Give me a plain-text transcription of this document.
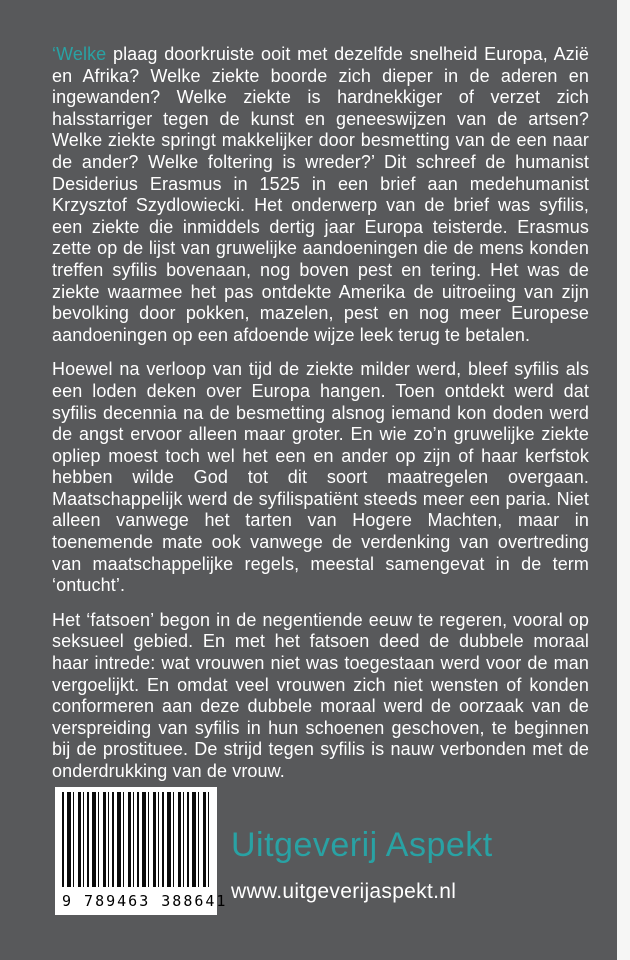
‘Welke plaag doorkruiste ooit met dezelfde snelheid Europa, Azië en Afrika? Welke ziekte boorde zich dieper in de aderen en ingewanden? Welke ziekte is hardnekkiger of verzet zich halsstarriger tegen de kunst en geneeswijzen van de artsen? Welke ziekte springt makkelijker door besmetting van de een naar de ander? Welke foltering is wreder?’ Dit schreef de humanist Desiderius Erasmus in 1525 in een brief aan medehumanist Krzysztof Szydlowiecki. Het onderwerp van de brief was syfilis, een ziekte die inmiddels dertig jaar Europa teisterde. Erasmus zette op de lijst van gruwelijke aandoeningen die de mens konden treffen syfilis bovenaan, nog boven pest en tering. Het was de ziekte waarmee het pas ontdekte Amerika de uitroeiing van zijn bevolking door pokken, mazelen, pest en nog meer Europese aandoeningen op een afdoende wijze leek terug te betalen.

Hoewel na verloop van tijd de ziekte milder werd, bleef syfilis als een loden deken over Europa hangen. Toen ontdekt werd dat syfilis decennia na de besmetting alsnog iemand kon doden werd de angst ervoor alleen maar groter. En wie zo’n gruwelijke ziekte opliep moest toch wel het een en ander op zijn of haar kerfstok hebben wilde God tot dit soort maatregelen overgaan. Maatschappelijk werd de syfilispatiënt steeds meer een paria. Niet alleen vanwege het tarten van Hogere Machten, maar in toenemende mate ook vanwege de verdenking van overtreding van maatschappelijke regels, meestal samengevat in de term ‘ontucht’.

Het ‘fatsoen’ begon in de negentiende eeuw te regeren, vooral op seksueel gebied. En met het fatsoen deed de dubbele moraal haar intrede: wat vrouwen niet was toegestaan werd voor de man vergoelijkt. En omdat veel vrouwen zich niet wensten of konden conformeren aan deze dubbele moraal werd de oorzaak van de verspreiding van syfilis in hun schoenen geschoven, te beginnen bij de prostituee. De strijd tegen syfilis is nauw verbonden met de onderdrukking van de vrouw.

9 789463 388641
Uitgeverij Aspekt
www.uitgeverijaspekt.nl
